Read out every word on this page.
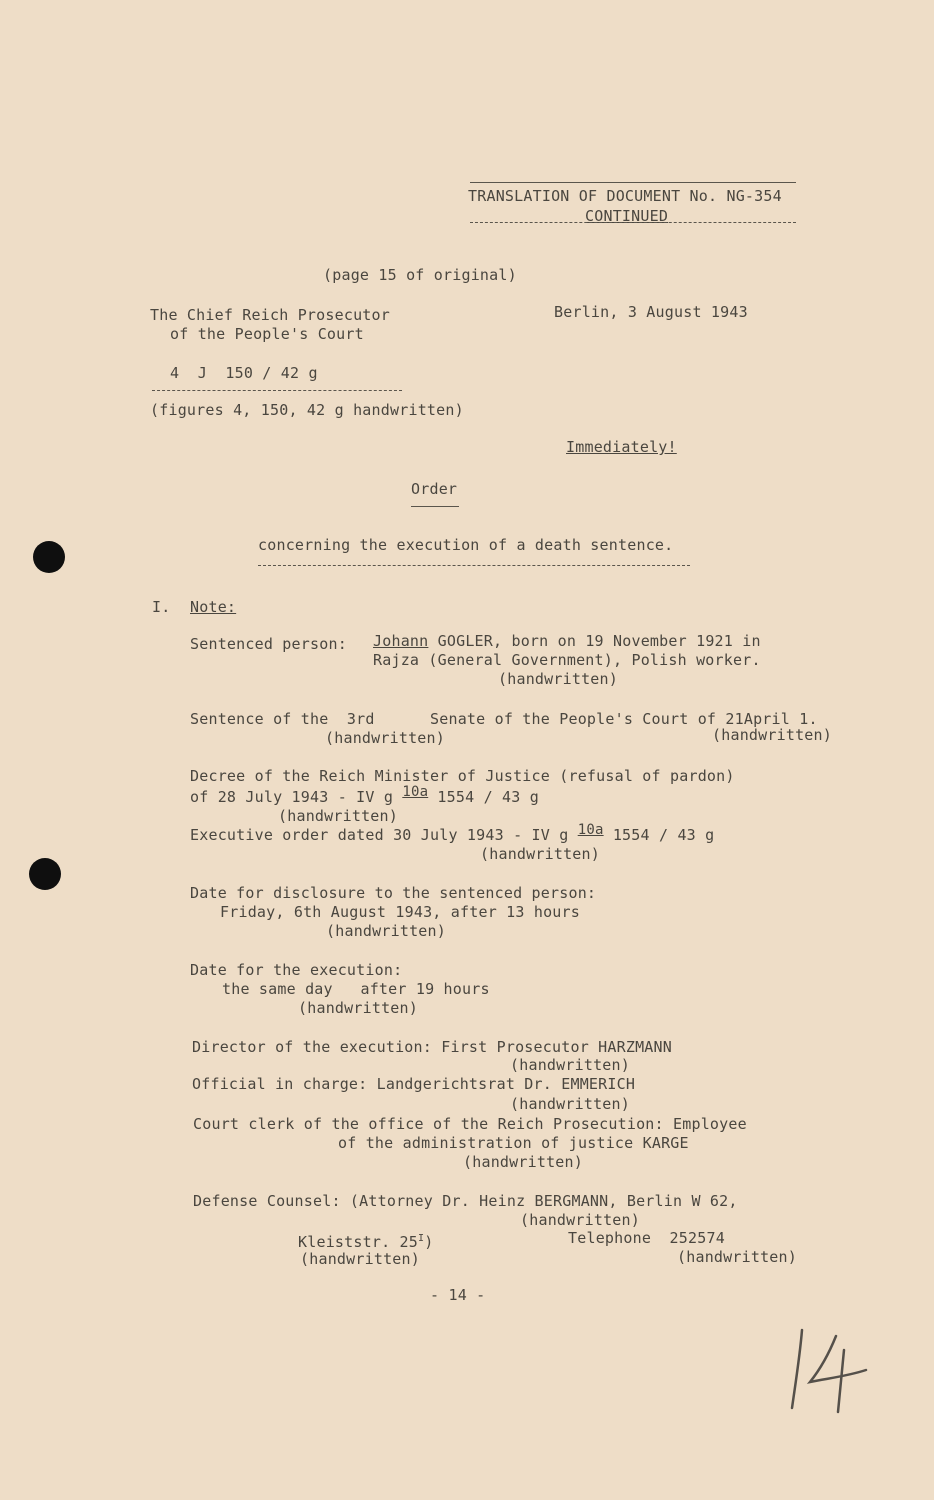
TRANSLATION OF DOCUMENT No. NG-354
CONTINUED
(page 15 of original)
The Chief Reich Prosecutor
of the People's Court
Berlin, 3 August 1943
4  J  150 / 42 g
(figures 4, 150, 42 g handwritten)
Immediately!
Order
concerning the execution of a death sentence.
I. Note:
Sentenced person: Johann GOGLER, born on 19 November 1921 in
Rajza (General Government), Polish worker.
(handwritten)
Sentence of the  3rd      Senate of the People's Court of 21April 1.
(handwritten)	(handwritten)
Decree of the Reich Minister of Justice (refusal of pardon)
of 28 July 1943 - IV g 10a 1554 / 43 g
(handwritten)
Executive order dated 30 July 1943 - IV g 10a 1554 / 43 g
(handwritten)
Date for disclosure to the sentenced person:
Friday, 6th August 1943, after 13 hours
(handwritten)
Date for the execution:
the same day   after 19 hours
(handwritten)
Director of the execution: First Prosecutor HARZMANN
(handwritten)
Official in charge: Landgerichtsrat Dr. EMMERICH
(handwritten)
Court clerk of the office of the Reich Prosecution: Employee
of the administration of justice KARGE
(handwritten)
Defense Counsel: (Attorney Dr. Heinz BERGMANN, Berlin W 62,
(handwritten)
Kleiststr. $25^I$)
(handwritten)
Telephone  252574
(handwritten)
- 14 -
